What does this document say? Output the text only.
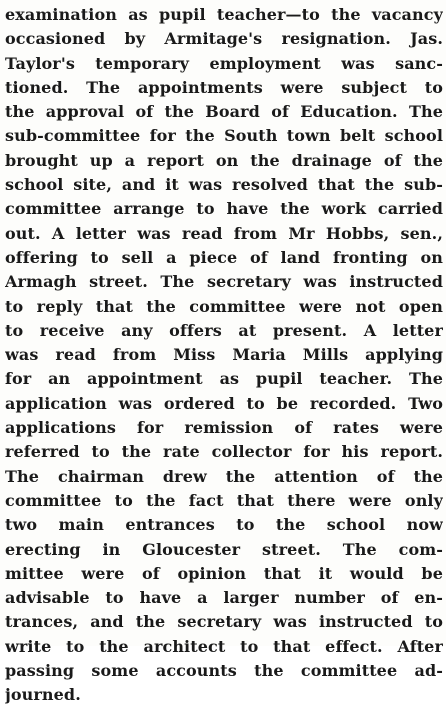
examination as pupil teacher—to the vacancy
occasioned by Armitage's resignation. Jas.
Taylor's temporary employment was sanc-
tioned. The appointments were subject to
the approval of the Board of Education. The
sub-committee for the South town belt school
brought up a report on the drainage of the
school site, and it was resolved that the sub-
committee arrange to have the work carried
out. A letter was read from Mr Hobbs, sen.,
offering to sell a piece of land fronting on
Armagh street. The secretary was instructed
to reply that the committee were not open
to receive any offers at present. A letter
was read from Miss Maria Mills applying
for an appointment as pupil teacher. The
application was ordered to be recorded. Two
applications for remission of rates were
referred to the rate collector for his report.
The chairman drew the attention of the
committee to the fact that there were only
two main entrances to the school now
erecting in Gloucester street. The com-
mittee were of opinion that it would be
advisable to have a larger number of en-
trances, and the secretary was instructed to
write to the architect to that effect. After
passing some accounts the committee ad-
journed.
